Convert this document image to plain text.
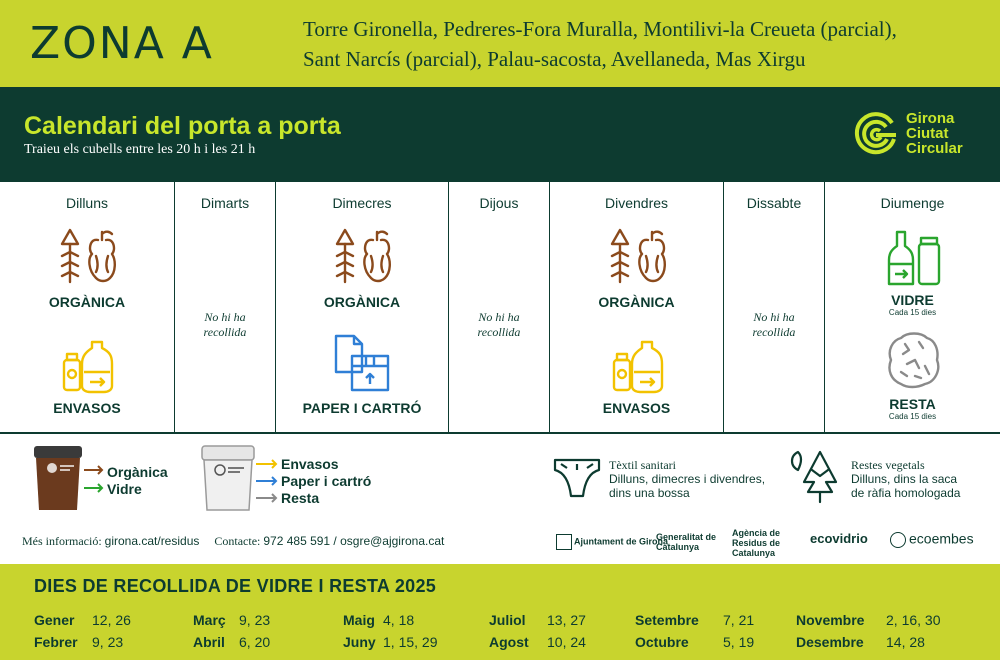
ZONA A	Torre Gironella, Pedreres-Fora Muralla, Montilivi-la Creueta (parcial),
Sant Narcís (parcial), Palau-sacosta, Avellaneda, Mas Xirgu
Calendari del porta a porta
Traieu els cubells entre les 20 h i les 21 h
Girona
Ciutat
Circular
Dilluns
ORGÀNICA
ENVASOS
Dimarts
No hi ha
recollida
Dimecres
ORGÀNICA
PAPER I CARTRÓ
Dijous
No hi ha
recollida
Divendres
ORGÀNICA
ENVASOS
Dissabte
No hi ha
recollida
Diumenge
VIDRE
Cada 15 dies
RESTA
Cada 15 dies
Orgànica
Vidre
Envasos
Paper i cartró
Resta
Tèxtil sanitari
Dilluns, dimecres i divendres,
dins una bossa
Restes vegetals
Dilluns, dins la saca
de ràfia homologada
Més informació: girona.cat/residus Contacte: 972 485 591 / osgre@ajgirona.cat	Ajuntament de Girona
Generalitat de Catalunya
Agència de Residus de Catalunya
ecovidrio	ecoembes
DIES DE RECOLLIDA DE VIDRE I RESTA 2025
Gener 12, 26
Febrer 9, 23
Març 9, 23
Abril 6, 20
Maig 4, 18
Juny 1, 15, 29
Juliol 13, 27
Agost 10, 24
Setembre 7, 21
Octubre 5, 19
Novembre 2, 16, 30
Desembre 14, 28
